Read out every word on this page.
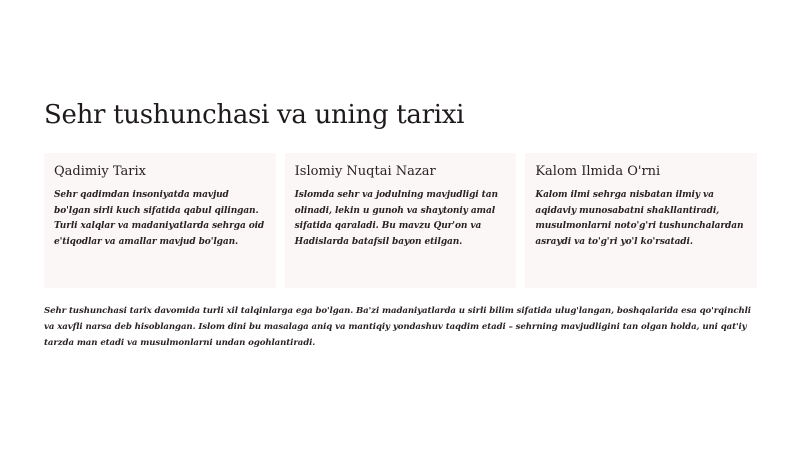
Sehr tushunchasi va uning tarixi
Qadimiy Tarix

Sehr qadimdan insoniyatda mavjud bo'lgan sirli kuch sifatida qabul qilingan. Turli xalqlar va madaniyatlarda sehrga oid e'tiqodlar va amallar mavjud bo'lgan.

Islomiy Nuqtai Nazar

Islomda sehr va jodulning mavjudligi tan olinadi, lekin u gunoh va shaytoniy amal sifatida qaraladi. Bu mavzu Qur'on va Hadislarda batafsil bayon etilgan.

Kalom Ilmida O'rni

Kalom ilmi sehrga nisbatan ilmiy va aqidaviy munosabatni shakllantiradi, musulmonlarni noto'g'ri tushunchalardan asraydi va to'g'ri yo'l ko'rsatadi.

Sehr tushunchasi tarix davomida turli xil talqinlarga ega bo'lgan. Ba'zi madaniyatlarda u sirli bilim sifatida ulug'langan, boshqalarida esa qo'rqinchli va xavfli narsa deb hisoblangan. Islom dini bu masalaga aniq va mantiqiy yondashuv taqdim etadi – sehrning mavjudligini tan olgan holda, uni qat'iy tarzda man etadi va musulmonlarni undan ogohlantiradi.
